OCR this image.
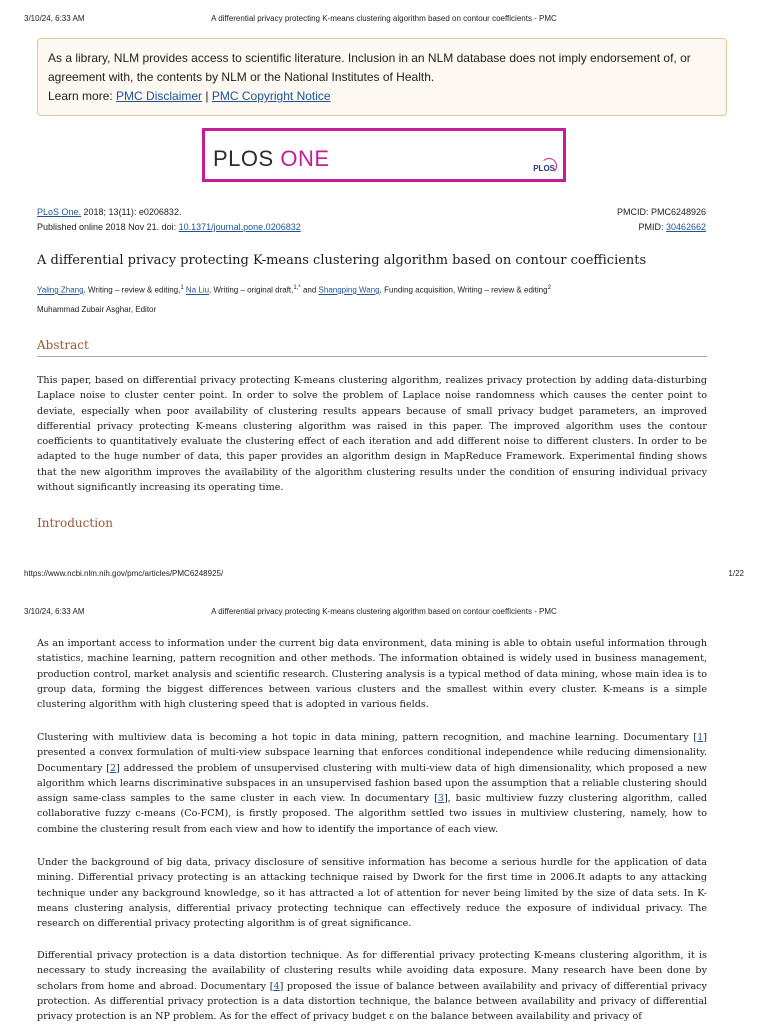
3/10/24, 6:33 AM	A differential privacy protecting K-means clustering algorithm based on contour coefficients - PMC
As a library, NLM provides access to scientific literature. Inclusion in an NLM database does not imply endorsement of, or agreement with, the contents by NLM or the National Institutes of Health.
Learn more: PMC Disclaimer | PMC Copyright Notice
PLOS ONE	PLOS
PLoS One. 2018; 13(11): e0206832.
Published online 2018 Nov 21. doi: 10.1371/journal.pone.0206832
PMCID: PMC6248926
PMID: 30462662
A differential privacy protecting K-means clustering algorithm based on contour coefficients
Yaling Zhang, Writing – review & editing,$^1$ Na Liu, Writing – original draft,$^{1,*}$ and Shangping Wang, Funding acquisition, Writing – review & editing$^2$
Muhammad Zubair Asghar, Editor
Abstract
This paper, based on differential privacy protecting K-means clustering algorithm, realizes privacy protection by adding data-disturbing Laplace noise to cluster center point. In order to solve the problem of Laplace noise randomness which causes the center point to deviate, especially when poor availability of clustering results appears because of small privacy budget parameters, an improved differential privacy protecting K-means clustering algorithm was raised in this paper. The improved algorithm uses the contour coefficients to quantitatively evaluate the clustering effect of each iteration and add different noise to different clusters. In order to be adapted to the huge number of data, this paper provides an algorithm design in MapReduce Framework. Experimental finding shows that the new algorithm improves the availability of the algorithm clustering results under the condition of ensuring individual privacy without significantly increasing its operating time.
Introduction
https://www.ncbi.nlm.nih.gov/pmc/articles/PMC6248925/	1/22
3/10/24, 6:33 AM	A differential privacy protecting K-means clustering algorithm based on contour coefficients - PMC
As an important access to information under the current big data environment, data mining is able to obtain useful information through statistics, machine learning, pattern recognition and other methods. The information obtained is widely used in business management, production control, market analysis and scientific research. Clustering analysis is a typical method of data mining, whose main idea is to group data, forming the biggest differences between various clusters and the smallest within every cluster. K-means is a simple clustering algorithm with high clustering speed that is adopted in various fields.
Clustering with multiview data is becoming a hot topic in data mining, pattern recognition, and machine learning. Documentary [1] presented a convex formulation of multi-view subspace learning that enforces conditional independence while reducing dimensionality. Documentary [2] addressed the problem of unsupervised clustering with multi-view data of high dimensionality, which proposed a new algorithm which learns discriminative subspaces in an unsupervised fashion based upon the assumption that a reliable clustering should assign same-class samples to the same cluster in each view. In documentary [3], basic multiview fuzzy clustering algorithm, called collaborative fuzzy c-means (Co-FCM), is firstly proposed. The algorithm settled two issues in multiview clustering, namely, how to combine the clustering result from each view and how to identify the importance of each view.
Under the background of big data, privacy disclosure of sensitive information has become a serious hurdle for the application of data mining. Differential privacy protecting is an attacking technique raised by Dwork for the first time in 2006.It adapts to any attacking technique under any background knowledge, so it has attracted a lot of attention for never being limited by the size of data sets. In K-means clustering analysis, differential privacy protecting technique can effectively reduce the exposure of individual privacy. The research on differential privacy protecting algorithm is of great significance.
Differential privacy protection is a data distortion technique. As for differential privacy protecting K-means clustering algorithm, it is necessary to study increasing the availability of clustering results while avoiding data exposure. Many research have been done by scholars from home and abroad. Documentary [4] proposed the issue of balance between availability and privacy of differential privacy protection. As differential privacy protection is a data distortion technique, the balance between availability and privacy of differential privacy protection is an NP problem. As for the effect of privacy budget ε on the balance between availability and privacy of
